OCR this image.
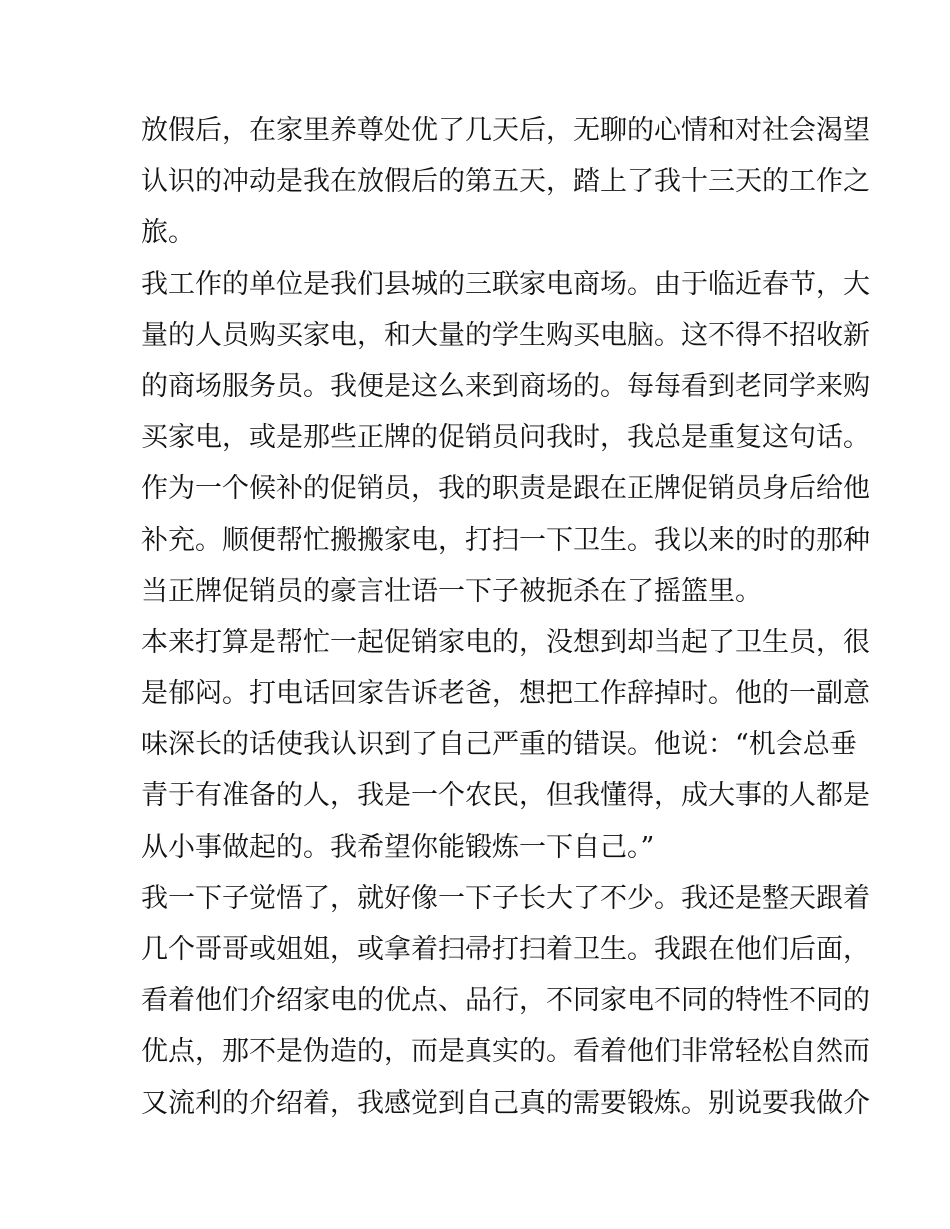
放假后，在家里养尊处优了几天后，无聊的心情和对社会渴望
认识的冲动是我在放假后的第五天，踏上了我十三天的工作之
旅。
我工作的单位是我们县城的三联家电商场。由于临近春节，大
量的人员购买家电，和大量的学生购买电脑。这不得不招收新
的商场服务员。我便是这么来到商场的。每每看到老同学来购
买家电，或是那些正牌的促销员问我时，我总是重复这句话。
作为一个候补的促销员，我的职责是跟在正牌促销员身后给他
补充。顺便帮忙搬搬家电，打扫一下卫生。我以来的时的那种
当正牌促销员的豪言壮语一下子被扼杀在了摇篮里。
本来打算是帮忙一起促销家电的，没想到却当起了卫生员，很
是郁闷。打电话回家告诉老爸，想把工作辞掉时。他的一副意
味深长的话使我认识到了自己严重的错误。他说：“机会总垂
青于有准备的人，我是一个农民，但我懂得，成大事的人都是
从小事做起的。我希望你能锻炼一下自己。”
我一下子觉悟了，就好像一下子长大了不少。我还是整天跟着
几个哥哥或姐姐，或拿着扫帚打扫着卫生。我跟在他们后面，
看着他们介绍家电的优点、品行，不同家电不同的特性不同的
优点，那不是伪造的，而是真实的。看着他们非常轻松自然而
又流利的介绍着，我感觉到自己真的需要锻炼。别说要我做介
